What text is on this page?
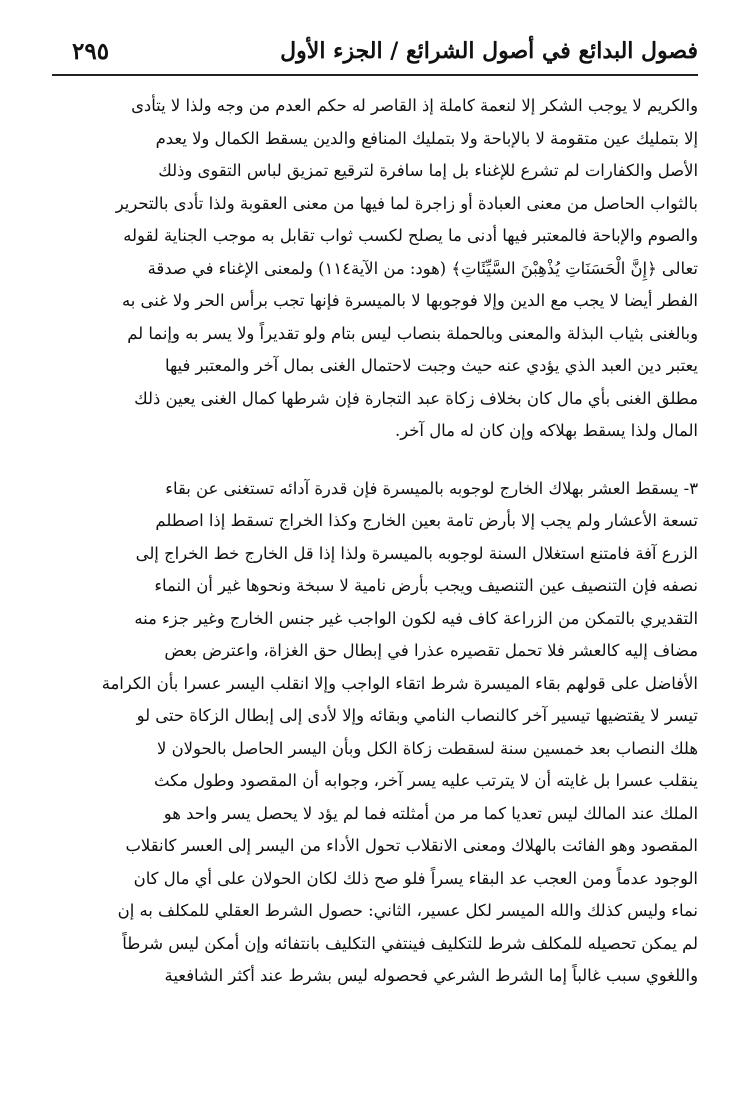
فصول البدائع في أصول الشرائع / الجزء الأول
٢٩٥

والكريم لا يوجب الشكر إلا لنعمة كاملة إذ القاصر له حكم العدم من وجه ولذا لا يتأدى
إلا بتمليك عين متقومة لا بالإباحة ولا بتمليك المنافع والدين يسقط الكمال ولا يعدم
الأصل والكفارات لم تشرع للإغناء بل إما سافرة لترقيع تمزيق لباس التقوى وذلك
بالثواب الحاصل من معنى العبادة أو زاجرة لما فيها من معنى العقوبة ولذا تأدى بالتحرير
والصوم والإباحة فالمعتبر فيها أدنى ما يصلح لكسب ثواب تقابل به موجب الجناية لقوله
تعالى ﴿إِنَّ الْحَسَنَاتِ يُذْهِبْنَ السَّيِّئَاتِ﴾ (هود: من الآية١١٤) ولمعنى الإغناء في صدقة
الفطر أيضا لا يجب مع الدين وإلا فوجوبها لا بالميسرة فإنها تجب برأس الحر ولا غنى به
وبالغنى بثياب البذلة والمعنى وبالحملة بنصاب ليس بتام ولو تقديراً ولا يسر به وإنما لم
يعتبر دين العبد الذي يؤدي عنه حيث وجبت لاحتمال الغنى بمال آخر والمعتبر فيها
مطلق الغنى بأي مال كان بخلاف زكاة عبد التجارة فإن شرطها كمال الغنى يعين ذلك
المال ولذا يسقط بهلاكه وإن كان له مال آخر.

٣- يسقط العشر بهلاك الخارج لوجوبه بالميسرة فإن قدرة آدائه تستغنى عن بقاء
تسعة الأعشار ولم يجب إلا بأرض تامة بعين الخارج وكذا الخراج تسقط إذا اصطلم
الزرع آفة فامتنع استغلال السنة لوجوبه بالميسرة ولذا إذا قل الخارج خط الخراج إلى
نصفه فإن التنصيف عين التنصيف ويجب بأرض نامية لا سبخة ونحوها غير أن النماء
التقديري بالتمكن من الزراعة كاف فيه لكون الواجب غير جنس الخارج وغير جزء منه
مضاف إليه كالعشر فلا تحمل تقصيره عذرا في إبطال حق الغزاة، واعترض بعض
الأفاضل على قولهم بقاء الميسرة شرط اتقاء الواجب وإلا انقلب اليسر عسرا بأن الكرامة
تيسر لا يقتضيها تيسير آخر كالنصاب النامي وبقائه وإلا لأدى إلى إبطال الزكاة حتى لو
هلك النصاب بعد خمسين سنة لسقطت زكاة الكل وبأن اليسر الحاصل بالحولان لا
ينقلب عسرا بل غايته أن لا يترتب عليه يسر آخر، وجوابه أن المقصود وطول مكث
الملك عند المالك ليس تعديا كما مر من أمثلته فما لم يؤد لا يحصل يسر واحد هو
المقصود وهو الفائت بالهلاك ومعنى الانقلاب تحول الأداء من اليسر إلى العسر كانقلاب
الوجود عدماً ومن العجب عد البقاء يسراً فلو صح ذلك لكان الحولان على أي مال كان
نماء وليس كذلك والله الميسر لكل عسير، الثاني: حصول الشرط العقلي للمكلف به إن
لم يمكن تحصيله للمكلف شرط للتكليف فينتفي التكليف بانتفائه وإن أمكن ليس شرطاً
واللغوي سبب غالباً إما الشرط الشرعي فحصوله ليس بشرط عند أكثر الشافعية
